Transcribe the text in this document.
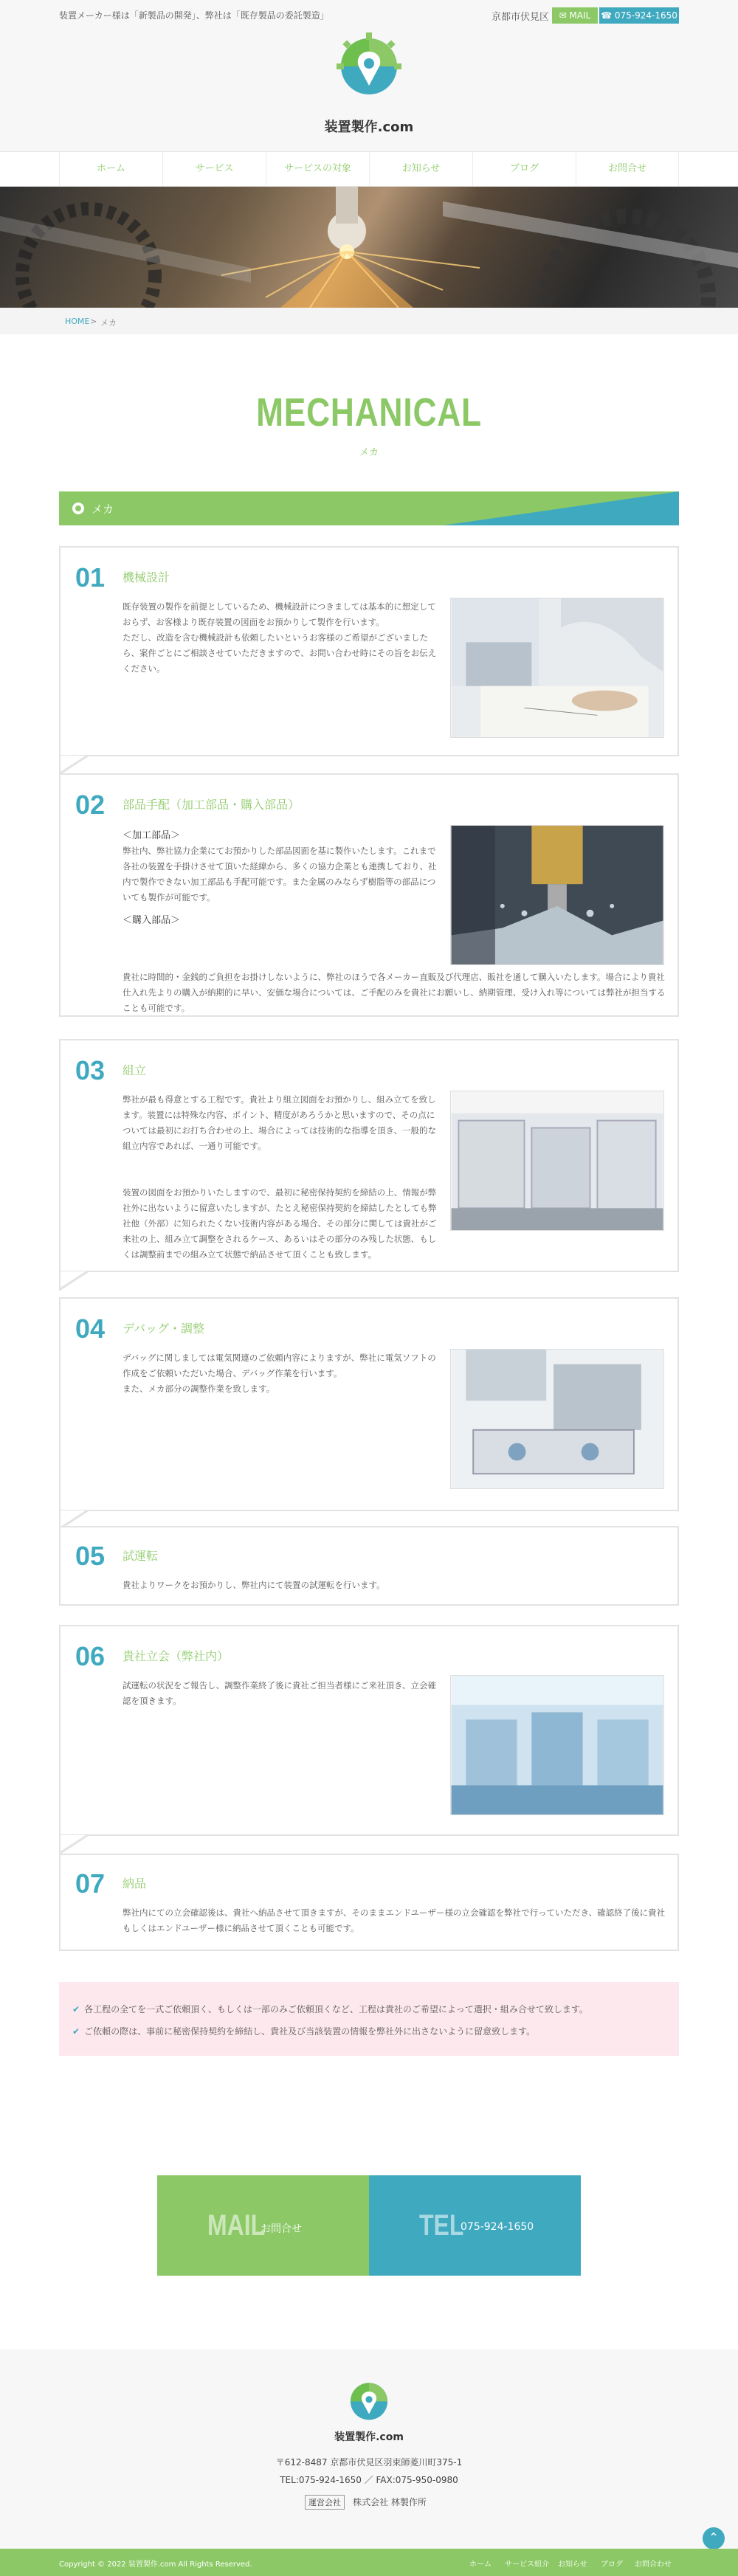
装置メーカー様は「新製品の開発」、弊社は「既存製品の委託製造」	京都市伏見区	✉ MAIL	☎ 075-924-1650
装置製作.com
ホーム	サービス	サービスの対象	お知らせ	ブログ	お問合せ
HOME > メカ
MECHANICAL
メカ
メカ
01 機械設計

既存装置の製作を前提としているため、機械設計につきましては基本的に想定しておらず、お客様より既存装置の図面をお預かりして製作を行います。

ただし、改造を含む機械設計も依頼したいというお客様のご希望がございましたら、案件ごとにご相談させていただきますので、お問い合わせ時にその旨をお伝えください。

02 部品手配（加工部品・購入部品）

＜加工部品＞

弊社内、弊社協力企業にてお預かりした部品図面を基に製作いたします。これまで各社の装置を手掛けさせて頂いた経緯から、多くの協力企業とも連携しており、社内で製作できない加工部品も手配可能です。また金属のみならず樹脂等の部品についても製作が可能です。

＜購入部品＞

貴社に時間的・金銭的ご負担をお掛けしないように、弊社のほうで各メーカー直販及び代理店、販社を通して購入いたします。場合により貴社仕入れ先よりの購入が納期的に早い、安価な場合については、ご手配のみを貴社にお願いし、納期管理、受け入れ等については弊社が担当することも可能です。
03 組立
弊社が最も得意とする工程です。貴社より組立図面をお預かりし、組み立てを致します。装置には特殊な内容、ポイント、精度があろうかと思いますので、その点については最初にお打ち合わせの上、場合によっては技術的な指導を頂き、一般的な組立内容であれば、一通り可能です。
装置の図面をお預かりいたしますので、最初に秘密保持契約を締結の上、情報が弊社外に出ないように留意いたしますが、たとえ秘密保持契約を締結したとしても弊社他（外部）に知られたくない技術内容がある場合、その部分に関しては貴社がご来社の上、組み立て調整をされるケース、あるいはその部分のみ残した状態、もしくは調整前までの組み立て状態で納品させて頂くことも致します。
04 デバッグ・調整

デバッグに関しましては電気関連のご依頼内容によりますが、弊社に電気ソフトの作成をご依頼いただいた場合、デバッグ作業を行います。

また、メカ部分の調整作業を致します。

05 試運転
貴社よりワークをお預かりし、弊社内にて装置の試運転を行います。
06 貴社立会（弊社内）
試運転の状況をご報告し、調整作業終了後に貴社ご担当者様にご来社頂き、立会確認を頂きます。
07 納品
弊社内にての立会確認後は、貴社へ納品させて頂きますが、そのままエンドユーザー様の立会確認を弊社で行っていただき、確認終了後に貴社もしくはエンドユーザー様に納品させて頂くことも可能です。
✔ 各工程の全てを一式ご依頼頂く、もしくは一部のみご依頼頂くなど、工程は貴社のご希望によって選択・組み合せて致します。
✔ ご依頼の際は、事前に秘密保持契約を締結し、貴社及び当該装置の情報を弊社外に出さないように留意致します。
MAIL
お問合せ	TEL
075-924-1650
装置製作.com
〒612-8487 京都市伏見区羽束師菱川町375-1
TEL:075-924-1650 ／ FAX:075-950-0980
運営会社 株式会社 林製作所
⌃
Copyright © 2022 装置製作.com All Rights Reserved.	ホーム サービス紹介 お知らせ ブログ お問合わせ
